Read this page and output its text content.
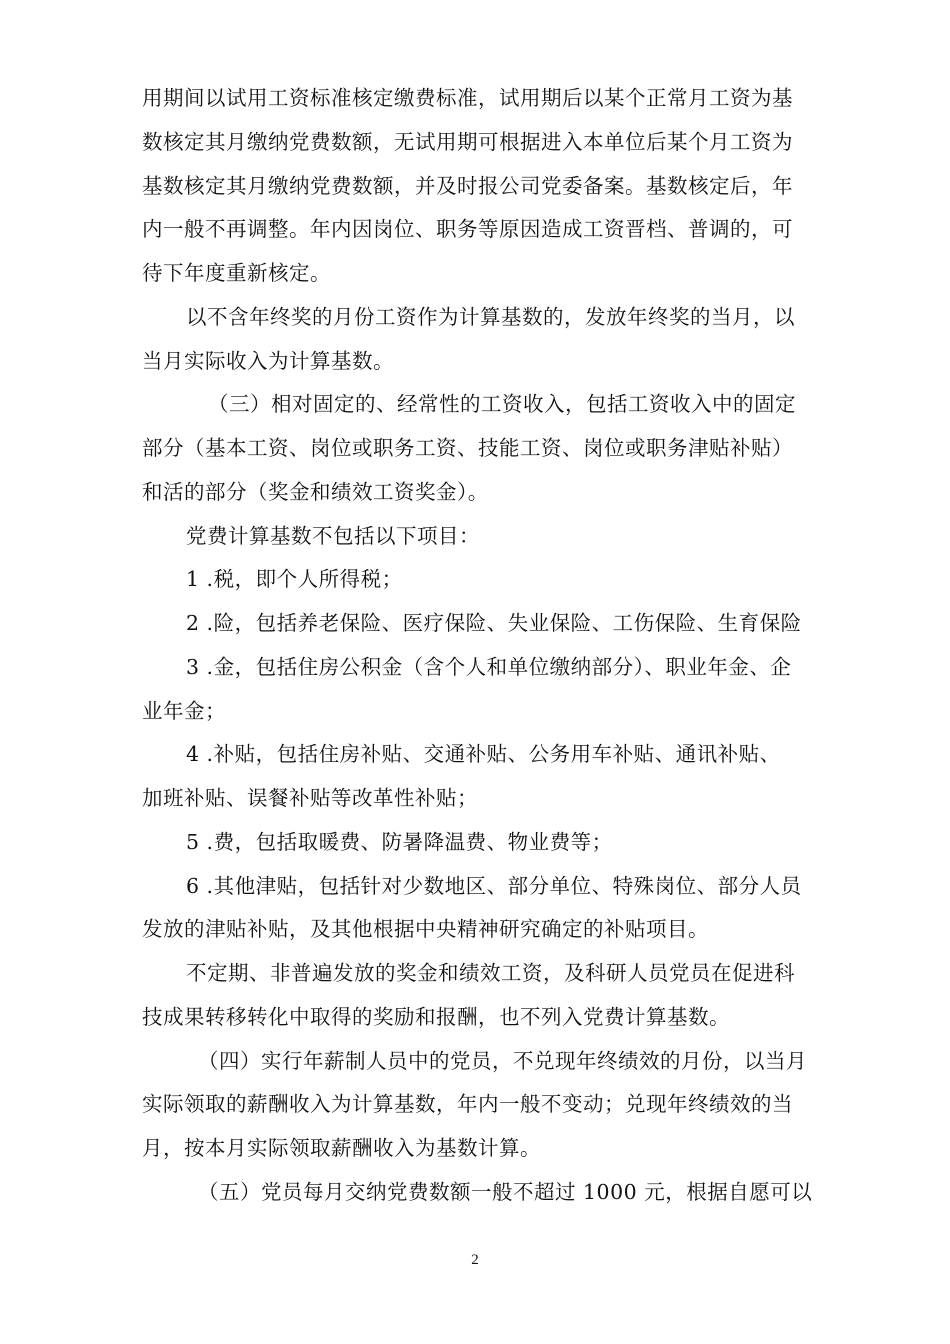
用期间以试用工资标准核定缴费标准，试用期后以某个正常月工资为基
数核定其月缴纳党费数额，无试用期可根据进入本单位后某个月工资为
基数核定其月缴纳党费数额，并及时报公司党委备案。基数核定后，年
内一般不再调整。年内因岗位、职务等原因造成工资晋档、普调的，可
待下年度重新核定。
以不含年终奖的月份工资作为计算基数的，发放年终奖的当月，以
当月实际收入为计算基数。
（三）相对固定的、经常性的工资收入，包括工资收入中的固定
部分（基本工资、岗位或职务工资、技能工资、岗位或职务津贴补贴）
和活的部分（奖金和绩效工资奖金）。
党费计算基数不包括以下项目：
1 .税，即个人所得税；
2 .险，包括养老保险、医疗保险、失业保险、工伤保险、生育保险
3 .金，包括住房公积金（含个人和单位缴纳部分）、职业年金、企
业年金；
4 .补贴，包括住房补贴、交通补贴、公务用车补贴、通讯补贴、
加班补贴、误餐补贴等改革性补贴；
5 .费，包括取暖费、防暑降温费、物业费等；
6 .其他津贴，包括针对少数地区、部分单位、特殊岗位、部分人员
发放的津贴补贴，及其他根据中央精神研究确定的补贴项目。
不定期、非普遍发放的奖金和绩效工资，及科研人员党员在促进科
技成果转移转化中取得的奖励和报酬，也不列入党费计算基数。
（四）实行年薪制人员中的党员，不兑现年终绩效的月份，以当月
实际领取的薪酬收入为计算基数，年内一般不变动；兑现年终绩效的当
月，按本月实际领取薪酬收入为基数计算。
（五）党员每月交纳党费数额一般不超过 1000 元，根据自愿可以
2
